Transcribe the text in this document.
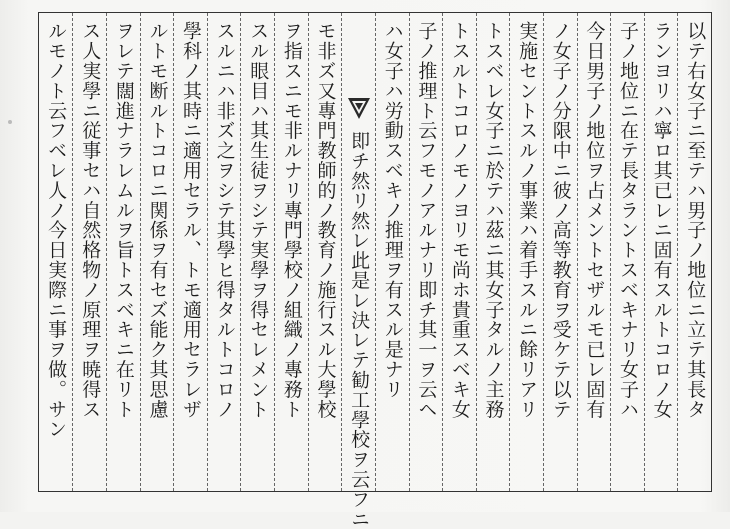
以テ右女子ニ至テハ男子ノ地位ニ立テ其長タ
ランヨリハ寧ロ其已レニ固有スルトコロノ女
子ノ地位ニ在テ長タラントスベキナリ女子ハ
今日男子ノ地位ヲ占メントセザルモ已レ固有
ノ女子ノ分限中ニ彼ノ高等教育ヲ受ケテ以テ
実施セントスルノ事業ハ着手スルニ餘リアリ
トスベレ女子ニ於テハ茲ニ其女子タルノ主務
トスルトコロノモノヨリモ尚ホ貴重スベキ女
子ノ推理ト云フモノアルナリ即チ其一ヲ云ヘ
ハ女子ハ労動スベキノ推理ヲ有スル是ナリ
即チ然リ然レ此是レ決レテ勧工學校ヲ云フニ
モ非ズ又專門教師的ノ教育ノ施行スル大學校
ヲ指スニモ非ルナリ專門學校ノ組織ノ專務ト
スル眼目ハ其生徒ヲシテ実學ヲ得セレメント
スルニハ非ズ之ヲシテ其學ヒ得タルトコロノ
學科ノ其時ニ適用セラル、トモ適用セラレザ
ルトモ断ルトコロニ関係ヲ有セズ能ク其思慮
ヲレテ闊進ナラレムルヲ旨トスベキニ在リト
ス人実學ニ従事セハ自然格物ノ原理ヲ暁得ス
ルモノト云フベレ人ノ今日実際ニ事ヲ做。サン
